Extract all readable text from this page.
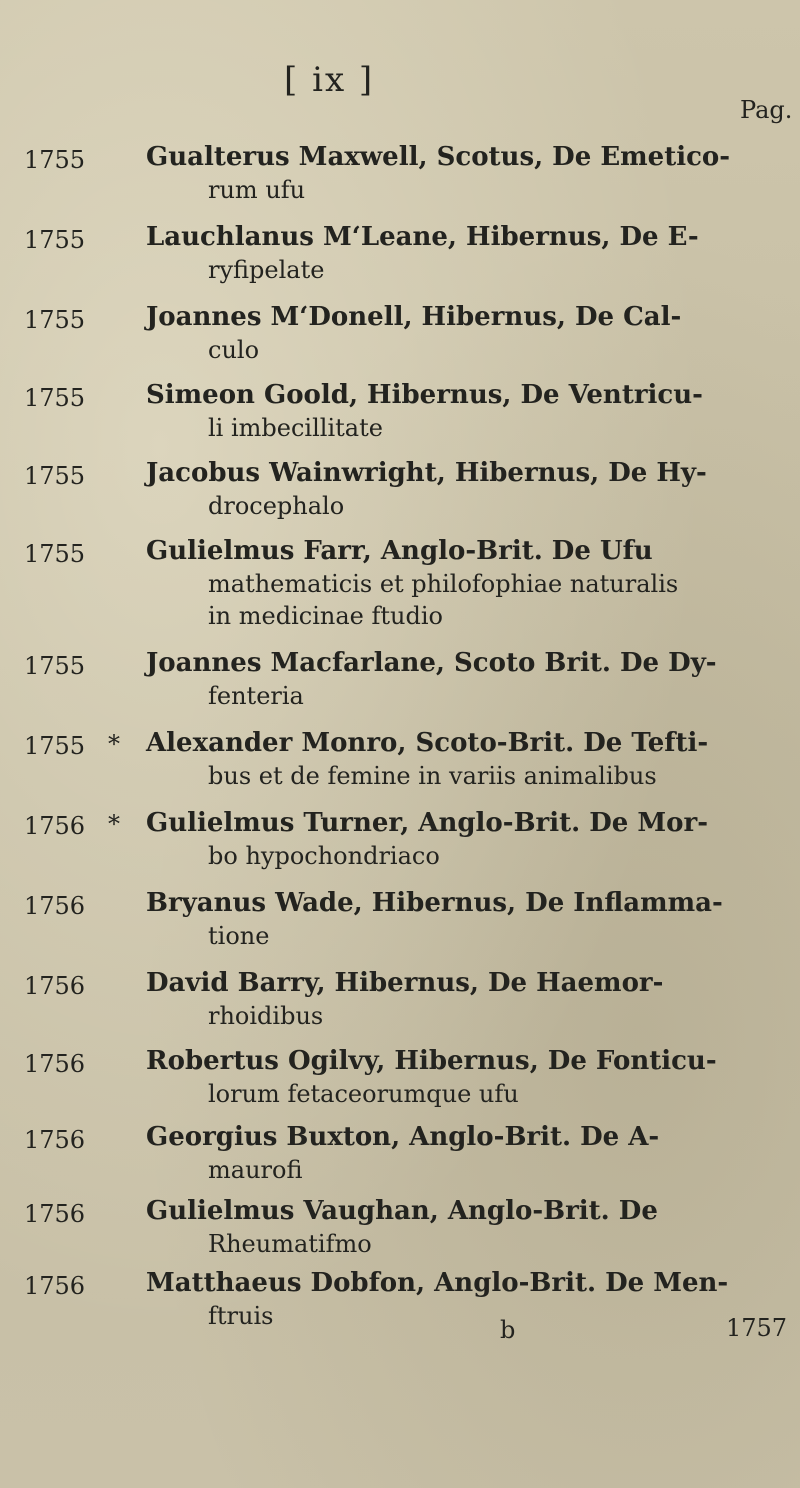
[ ix ]
Pag.
1755	Gualterus Maxwell, Scotus, De Emetico-
rum ufu
1755	Lauchlanus M‘Leane, Hibernus, De E-
ryfipelate
1755	Joannes M‘Donell, Hibernus, De Cal-
culo
1755	Simeon Goold, Hibernus, De Ventricu-
li imbecillitate
1755	Jacobus Wainwright, Hibernus, De Hy-
drocephalo
1755	Gulielmus Farr, Anglo-Brit. De Ufu
mathematicis et philofophiae naturalis
in medicinae ftudio
1755	Joannes Macfarlane, Scoto Brit. De Dy-
fenteria
1755 * Alexander Monro, Scoto-Brit. De Tefti-
bus et de femine in variis animalibus
1756 * Gulielmus Turner, Anglo-Brit. De Mor-
bo hypochondriaco
1756	Bryanus Wade, Hibernus, De Inflamma-
tione
1756	David Barry, Hibernus, De Haemor-
rhoidibus
1756	Robertus Ogilvy, Hibernus, De Fonticu-
lorum fetaceorumque ufu
1756	Georgius Buxton, Anglo-Brit. De A-
maurofi
1756	Gulielmus Vaughan, Anglo-Brit. De
Rheumatifmo
1756	Matthaeus Dobfon, Anglo-Brit. De Men-
ftruis	b	1757
